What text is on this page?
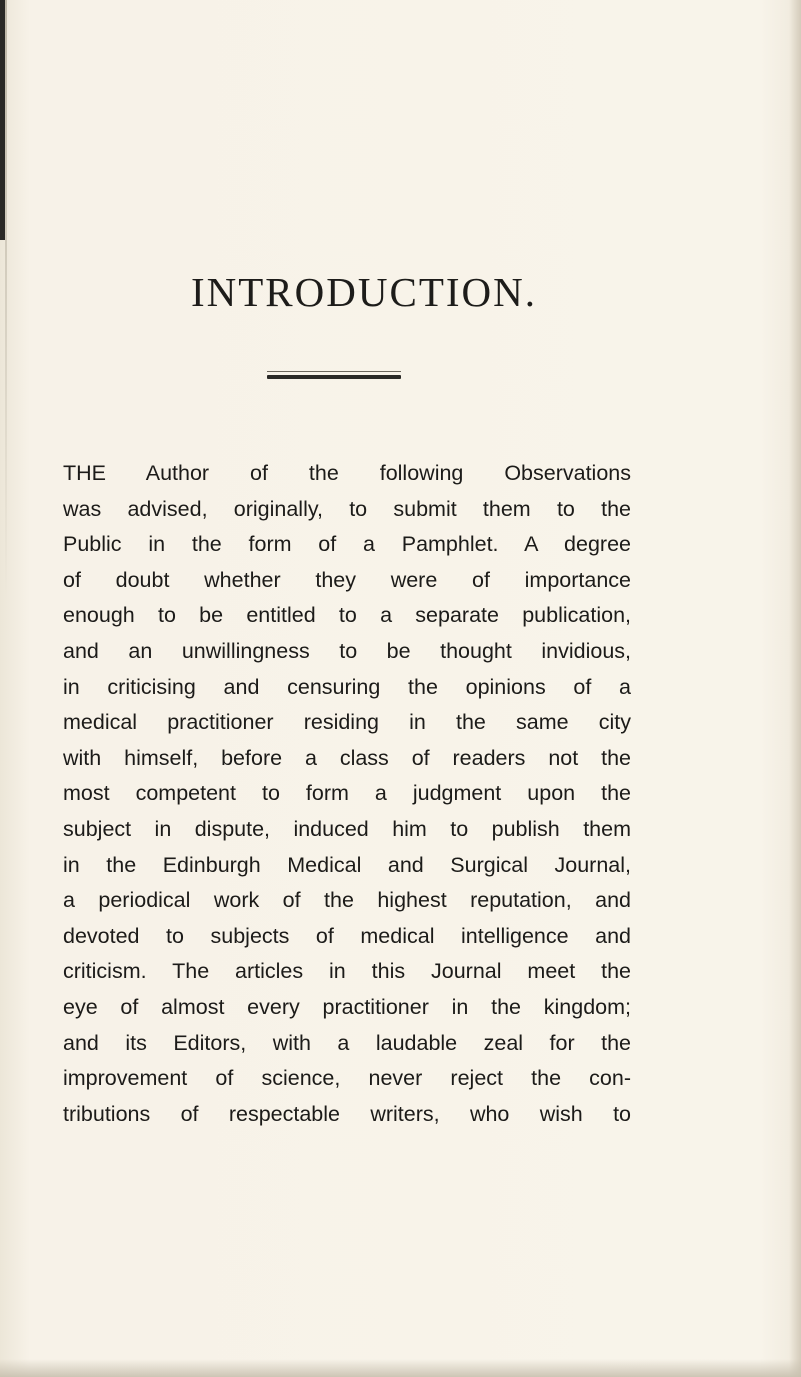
INTRODUCTION.
THE Author of the following Observations
was advised, originally, to submit them to the
Public in the form of a Pamphlet. A degree
of doubt whether they were of importance
enough to be entitled to a separate publication,
and an unwillingness to be thought invidious,
in criticising and censuring the opinions of a
medical practitioner residing in the same city
with himself, before a class of readers not the
most competent to form a judgment upon the
subject in dispute, induced him to publish them
in the Edinburgh Medical and Surgical Journal,
a periodical work of the highest reputation, and
devoted to subjects of medical intelligence and
criticism. The articles in this Journal meet the
eye of almost every practitioner in the kingdom;
and its Editors, with a laudable zeal for the
improvement of science, never reject the con-
tributions of respectable writers, who wish to
